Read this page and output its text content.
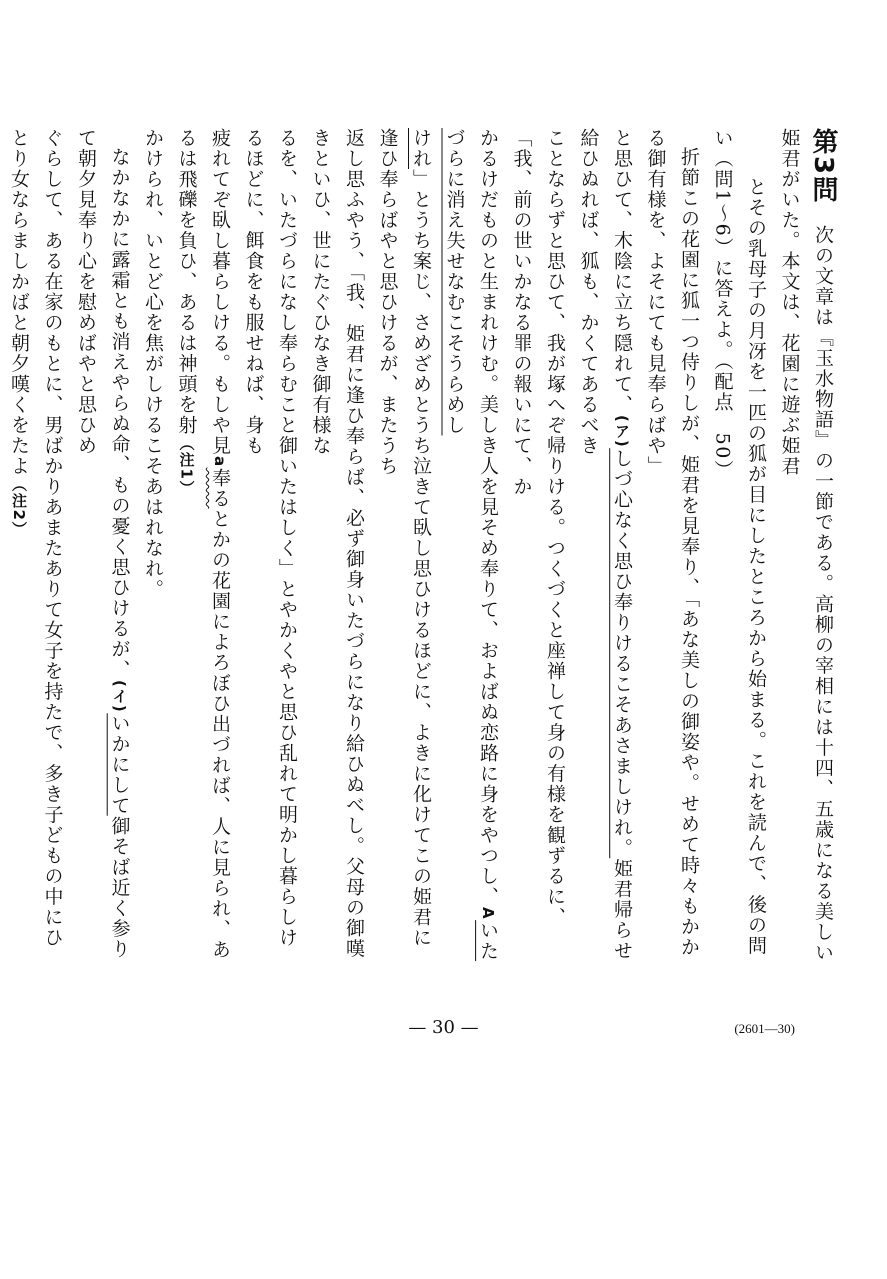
第3問　次の文章は『玉水物語』の一節である。高柳の宰相には十四、五歳になる美しい姫君がいた。本文は、花園に遊ぶ姫君
とその乳母子の月冴を一匹の狐が目にしたところから始まる。これを読んで、後の問い（問1〜6）に答えよ。（配点　50）
折節この花園に狐一つ侍りしが、姫君を見奉り、「あな美しの御姿や。せめて時々もかかる御有様を、よそにても見奉らばや」
と思ひて、木陰に立ち隠れて、(ア)しづ心なく思ひ奉りけるこそあさましけれ。姫君帰らせ給ひぬれば、狐も、かくてあるべき
ことならずと思ひて、我が塚へぞ帰りける。つくづくと座禅して身の有様を観ずるに、「我、前の世いかなる罪の報いにて、か
かるけだものと生まれけむ。美しき人を見そめ奉りて、およばぬ恋路に身をやつし、Aいたづらに消え失せなむこそうらめし
けれ」とうち案じ、さめざめとうち泣きて臥し思ひけるほどに、よきに化けてこの姫君に逢ひ奉らばやと思ひけるが、またうち
返し思ふやう、「我、姫君に逢ひ奉らば、必ず御身いたづらになり給ひぬべし。父母の御嘆きといひ、世にたぐひなき御有様な
るを、いたづらになし奉らむこと御いたはしく」とやかくやと思ひ乱れて明かし暮らしけるほどに、餌食をも服せねば、身も
疲れてぞ臥し暮らしける。もしや見a奉るとかの花園によろぼひ出づれば、人に見られ、あるは飛礫を負ひ、あるは神頭を射（注1）
かけられ、いとど心を焦がしけるこそあはれなれ。
なかなかに露霜とも消えやらぬ命、もの憂く思ひけるが、(イ)いかにして御そば近く参りて朝夕見奉り心を慰めばやと思ひめ
ぐらして、ある在家のもとに、男ばかりあまたありて女子を持たで、多き子どもの中にひとり女ならましかばと朝夕嘆くをたよ（注2）
— 30 —	(2601—30)
